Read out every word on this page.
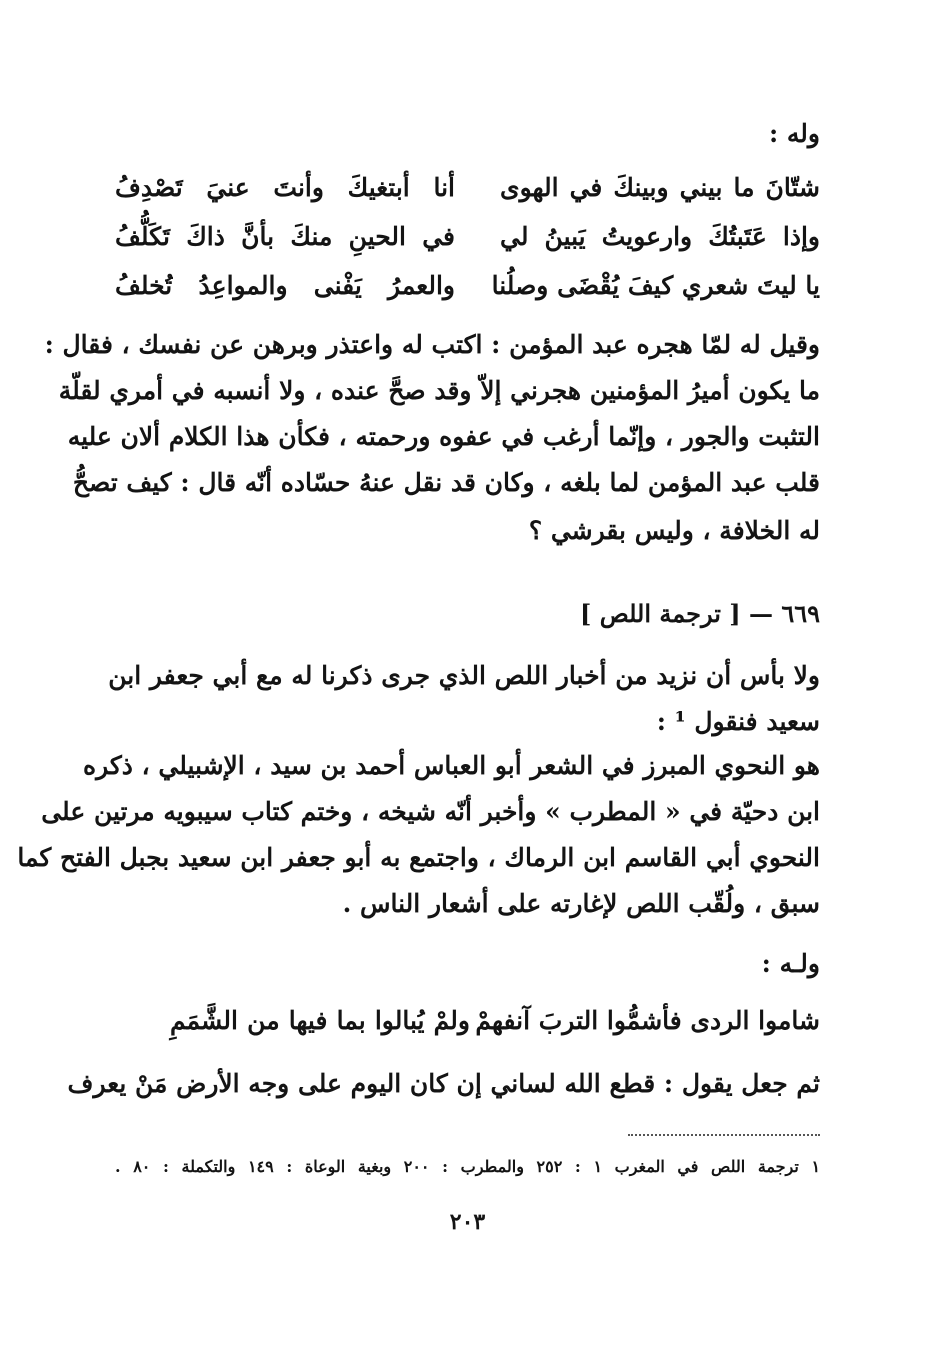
وله :
شتّانَ ما بيني وبينكَ في الهوى
أنا أبتغيكَ وأنتَ عنيَ تَصْدِفُ
وإذا عَتَبتُكَ وارعويتُ يَبينُ لي
في الحينِ منكَ بأنَّ ذاكَ تَكَلُّفُ
يا ليتَ شعري كيفَ يُقْضَى وصلُنا
والعمرُ يَفْنى والمواعِدُ تُخلفُ
وقيل له لمّا هجره عبد المؤمن : اكتب له واعتذر وبرهن عن نفسك ، فقال :
ما يكون أميرُ المؤمنين هجرني إلاّ وقد صحَّ عنده ، ولا أنسبه في أمري لقلّة
التثبت والجور ، وإنّما أرغب في عفوه ورحمته ، فكأن هذا الكلام ألان عليه
قلب عبد المؤمن لما بلغه ، وكان قد نقل عنهُ حسّاده أنّه قال : كيف تصحُّ
له الخلافة ، وليس بقرشي ؟
٦٦٩ — [ ترجمة اللص ]
ولا بأس أن نزيد من أخبار اللص الذي جرى ذكرنا له مع أبي جعفر ابن
سعيد فنقول ¹ :
هو النحوي المبرز في الشعر أبو العباس أحمد بن سيد ، الإشبيلي ، ذكره
ابن دحيّة في « المطرب » وأخبر أنّه شيخه ، وختم كتاب سيبويه مرتين على
النحوي أبي القاسم ابن الرماك ، واجتمع به أبو جعفر ابن سعيد بجبل الفتح كما
سبق ، ولُقّب اللص لإغارته على أشعار الناس .
ولـه :
شاموا الردى فأشمُّوا التربَ آنفهمْ
ولمْ يُبالوا بما فيها من الشَّمَمِ
ثم جعل يقول : قطع الله لساني إن كان اليوم على وجه الأرض مَنْ يعرف
١ ترجمة اللص في المغرب ١ : ٢٥٢ والمطرب : ٢٠٠ وبغية الوعاة : ١٤٩ والتكملة : ٨٠ .
٢٠٣
